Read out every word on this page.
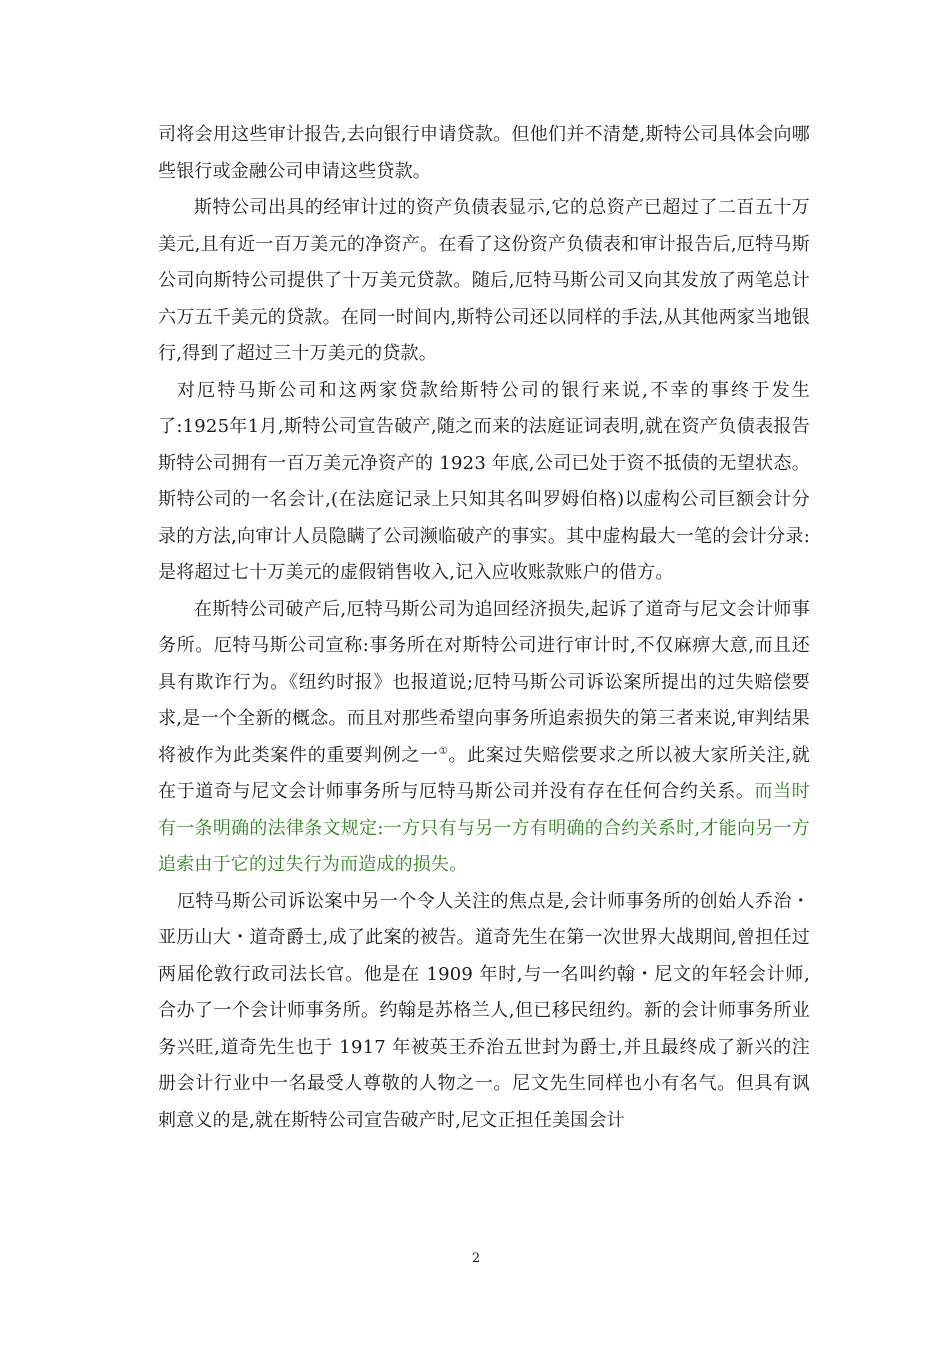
司将会用这些审计报告,去向银行申请贷款。但他们并不清楚,斯特公司具体会向哪些银行或金融公司申请这些贷款。

斯特公司出具的经审计过的资产负债表显示,它的总资产已超过了二百五十万美元,且有近一百万美元的净资产。在看了这份资产负债表和审计报告后,厄特马斯公司向斯特公司提供了十万美元贷款。随后,厄特马斯公司又向其发放了两笔总计六万五千美元的贷款。在同一时间内,斯特公司还以同样的手法,从其他两家当地银行,得到了超过三十万美元的贷款。

对厄特马斯公司和这两家贷款给斯特公司的银行来说,不幸的事终于发生了:1925年1月,斯特公司宣告破产,随之而来的法庭证词表明,就在资产负债表报告斯特公司拥有一百万美元净资产的 1923 年底,公司已处于资不抵债的无望状态。斯特公司的一名会计,(在法庭记录上只知其名叫罗姆伯格)以虚构公司巨额会计分录的方法,向审计人员隐瞒了公司濒临破产的事实。其中虚构最大一笔的会计分录:是将超过七十万美元的虚假销售收入,记入应收账款账户的借方。

在斯特公司破产后,厄特马斯公司为追回经济损失,起诉了道奇与尼文会计师事务所。厄特马斯公司宣称:事务所在对斯特公司进行审计时,不仅麻痹大意,而且还具有欺诈行为。《纽约时报》也报道说;厄特马斯公司诉讼案所提出的过失赔偿要求,是一个全新的概念。而且对那些希望向事务所追索损失的第三者来说,审判结果将被作为此类案件的重要判例之一①。此案过失赔偿要求之所以被大家所关注,就在于道奇与尼文会计师事务所与厄特马斯公司并没有存在任何合约关系。而当时有一条明确的法律条文规定:一方只有与另一方有明确的合约关系时,才能向另一方追索由于它的过失行为而造成的损失。

厄特马斯公司诉讼案中另一个令人关注的焦点是,会计师事务所的创始人乔治・亚历山大・道奇爵士,成了此案的被告。道奇先生在第一次世界大战期间,曾担任过两届伦敦行政司法长官。他是在 1909 年时,与一名叫约翰・尼文的年轻会计师,合办了一个会计师事务所。约翰是苏格兰人,但已移民纽约。新的会计师事务所业务兴旺,道奇先生也于 1917 年被英王乔治五世封为爵士,并且最终成了新兴的注册会计行业中一名最受人尊敬的人物之一。尼文先生同样也小有名气。但具有讽刺意义的是,就在斯特公司宣告破产时,尼文正担任美国会计

2
